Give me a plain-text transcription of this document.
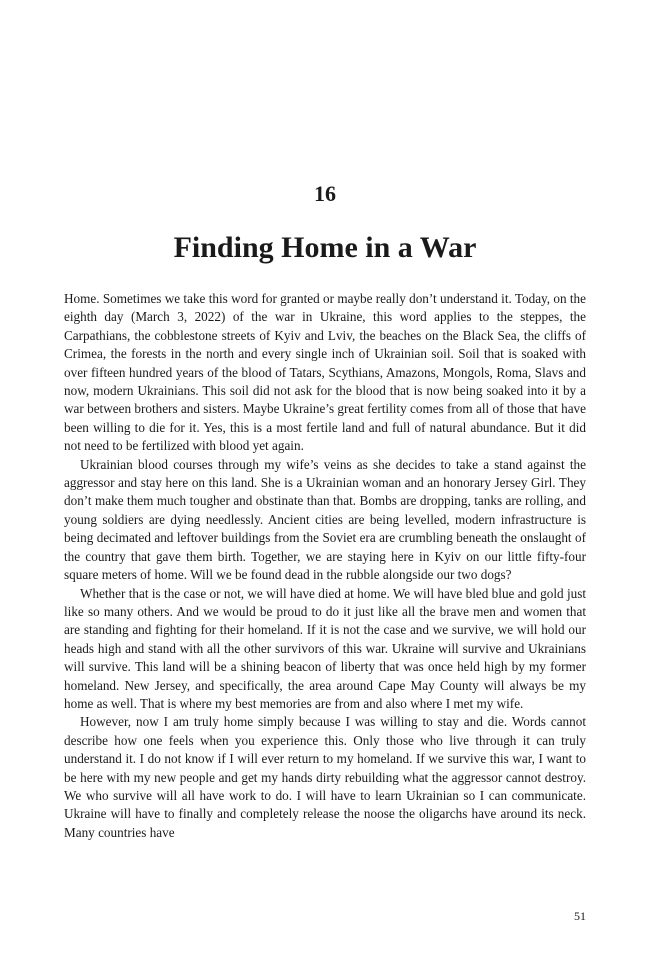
16
Finding Home in a War

Home. Sometimes we take this word for granted or maybe really don’t understand it. Today, on the eighth day (March 3, 2022) of the war in Ukraine, this word applies to the steppes, the Carpathians, the cobblestone streets of Kyiv and Lviv, the beaches on the Black Sea, the cliffs of Crimea, the forests in the north and every single inch of Ukrainian soil. Soil that is soaked with over fifteen hundred years of the blood of Tatars, Scythians, Amazons, Mongols, Roma, Slavs and now, modern Ukrainians. This soil did not ask for the blood that is now being soaked into it by a war between brothers and sisters. Maybe Ukraine’s great fertility comes from all of those that have been willing to die for it. Yes, this is a most fertile land and full of natural abundance. But it did not need to be fertilized with blood yet again.

Ukrainian blood courses through my wife’s veins as she decides to take a stand against the aggressor and stay here on this land. She is a Ukrainian woman and an honorary Jersey Girl. They don’t make them much tougher and obstinate than that. Bombs are dropping, tanks are rolling, and young soldiers are dying needlessly. Ancient cities are being levelled, modern infrastructure is being decimated and leftover buildings from the Soviet era are crumbling beneath the onslaught of the country that gave them birth. Together, we are staying here in Kyiv on our little fifty-four square meters of home. Will we be found dead in the rubble alongside our two dogs?

Whether that is the case or not, we will have died at home. We will have bled blue and gold just like so many others. And we would be proud to do it just like all the brave men and women that are standing and fighting for their homeland. If it is not the case and we survive, we will hold our heads high and stand with all the other survivors of this war. Ukraine will survive and Ukrainians will survive. This land will be a shining beacon of liberty that was once held high by my former homeland. New Jersey, and specifically, the area around Cape May County will always be my home as well. That is where my best memories are from and also where I met my wife.

However, now I am truly home simply because I was willing to stay and die. Words cannot describe how one feels when you experience this. Only those who live through it can truly understand it. I do not know if I will ever return to my homeland. If we survive this war, I want to be here with my new people and get my hands dirty rebuilding what the aggressor cannot destroy. We who survive will all have work to do. I will have to learn Ukrainian so I can communicate. Ukraine will have to finally and completely release the noose the oligarchs have around its neck. Many countries have

51
